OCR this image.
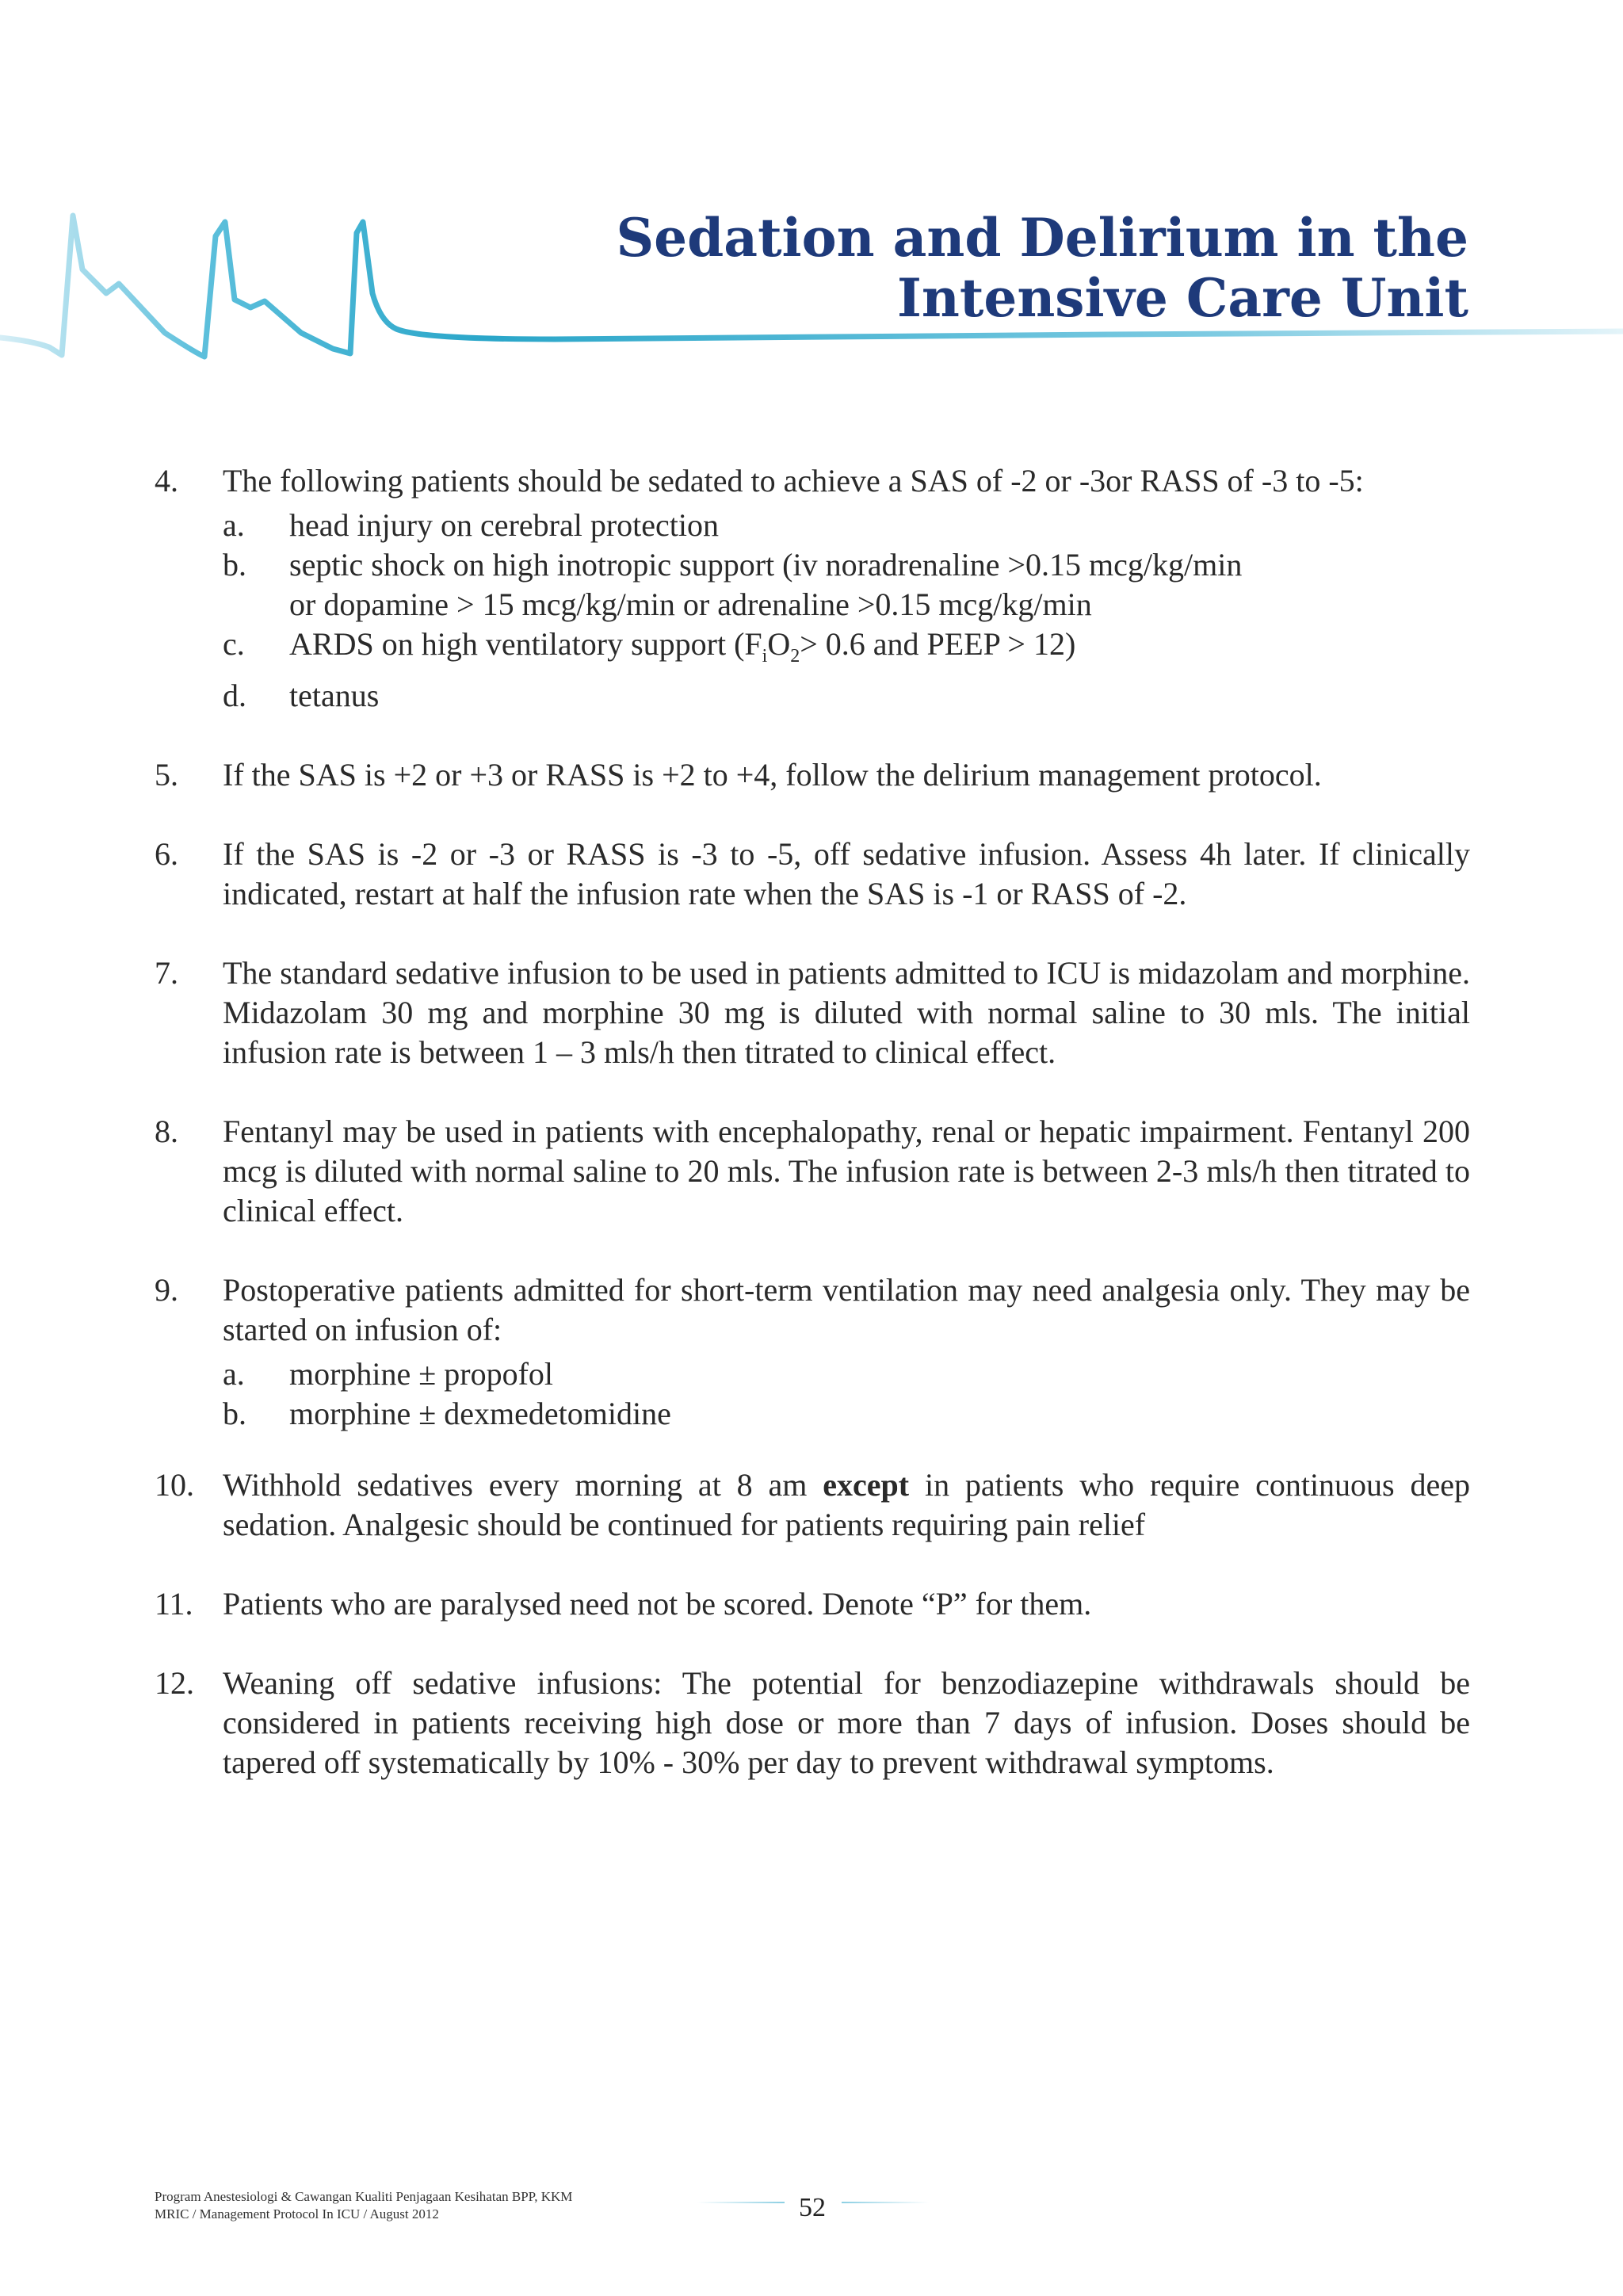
Sedation and Delirium in the
Intensive Care Unit
4.	The following patients should be sedated to achieve a SAS of -2 or -3or RASS of -3 to -5:
a.	head injury on cerebral protection
b.	septic shock on high inotropic support (iv noradrenaline >0.15 mcg/kg/min
or dopamine > 15 mcg/kg/min or adrenaline >0.15 mcg/kg/min
c.	ARDS on high ventilatory support ($F_iO_2> 0.6$ and PEEP > 12)
d.	tetanus
5.	If the SAS is +2 or +3 or RASS is +2 to +4, follow the delirium management protocol.
6.	If the SAS is -2 or -3 or RASS is -3 to -5, off sedative infusion. Assess 4h later. If clinically indicated, restart at half the infusion rate when the SAS is -1 or RASS of -2.
7.	The standard sedative infusion to be used in patients admitted to ICU is midazolam and morphine. Midazolam 30 mg and morphine 30 mg is diluted with normal saline to 30 mls. The initial infusion rate is between 1 – 3 mls/h then titrated to clinical effect.
8.	Fentanyl may be used in patients with encephalopathy, renal or hepatic impairment. Fentanyl 200 mcg is diluted with normal saline to 20 mls. The infusion rate is between 2-3 mls/h then titrated to clinical effect.
9.	Postoperative patients admitted for short-term ventilation may need analgesia only. They may be started on infusion of:
a.	morphine ± propofol
b.	morphine ± dexmedetomidine
10. Withhold sedatives every morning at 8 am except in patients who require continuous deep sedation. Analgesic should be continued for patients requiring pain relief
11. Patients who are paralysed need not be scored. Denote “P” for them.
12. Weaning off sedative infusions: The potential for benzodiazepine withdrawals should be considered in patients receiving high dose or more than 7 days of infusion. Doses should be tapered off systematically by 10% - 30% per day to prevent withdrawal symptoms.
Program Anestesiologi & Cawangan Kualiti Penjagaan Kesihatan BPP, KKM
MRIC / Management Protocol In ICU / August 2012	52
